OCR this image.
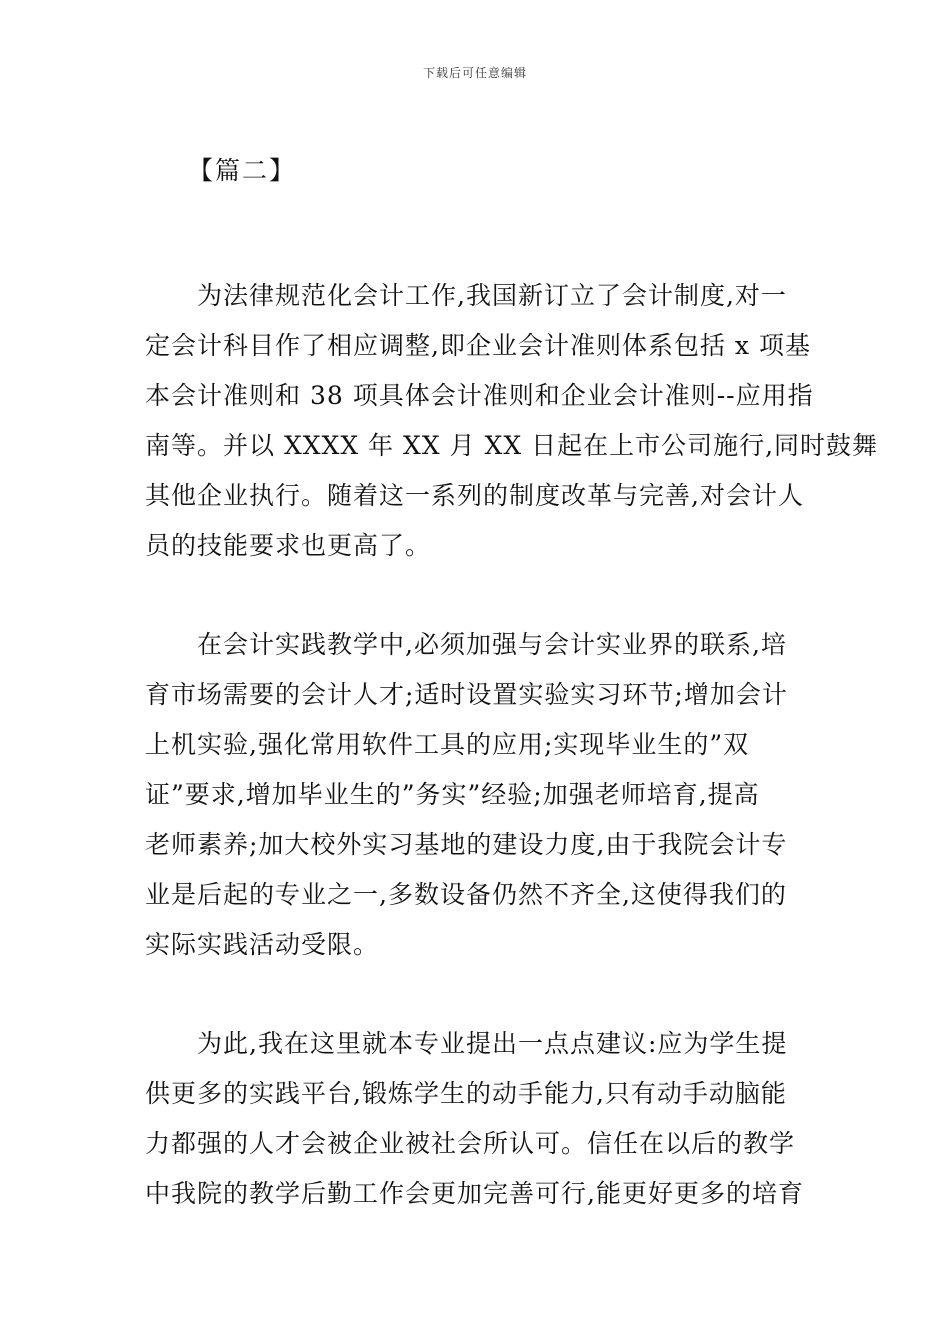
下载后可任意编辑
【篇二】
为法律规范化会计工作,我国新订立了会计制度,对一
定会计科目作了相应调整,即企业会计准则体系包括 x 项基
本会计准则和 38 项具体会计准则和企业会计准则--应用指
南等。并以 XXXX 年 XX 月 XX 日起在上市公司施行,同时鼓舞
其他企业执行。随着这一系列的制度改革与完善,对会计人
员的技能要求也更高了。
在会计实践教学中,必须加强与会计实业界的联系,培
育市场需要的会计人才;适时设置实验实习环节;增加会计
上机实验,强化常用软件工具的应用;实现毕业生的”双
证”要求,增加毕业生的”务实”经验;加强老师培育,提高
老师素养;加大校外实习基地的建设力度,由于我院会计专
业是后起的专业之一,多数设备仍然不齐全,这使得我们的
实际实践活动受限。
为此,我在这里就本专业提出一点点建议:应为学生提
供更多的实践平台,锻炼学生的动手能力,只有动手动脑能
力都强的人才会被企业被社会所认可。信任在以后的教学
中我院的教学后勤工作会更加完善可行,能更好更多的培育
